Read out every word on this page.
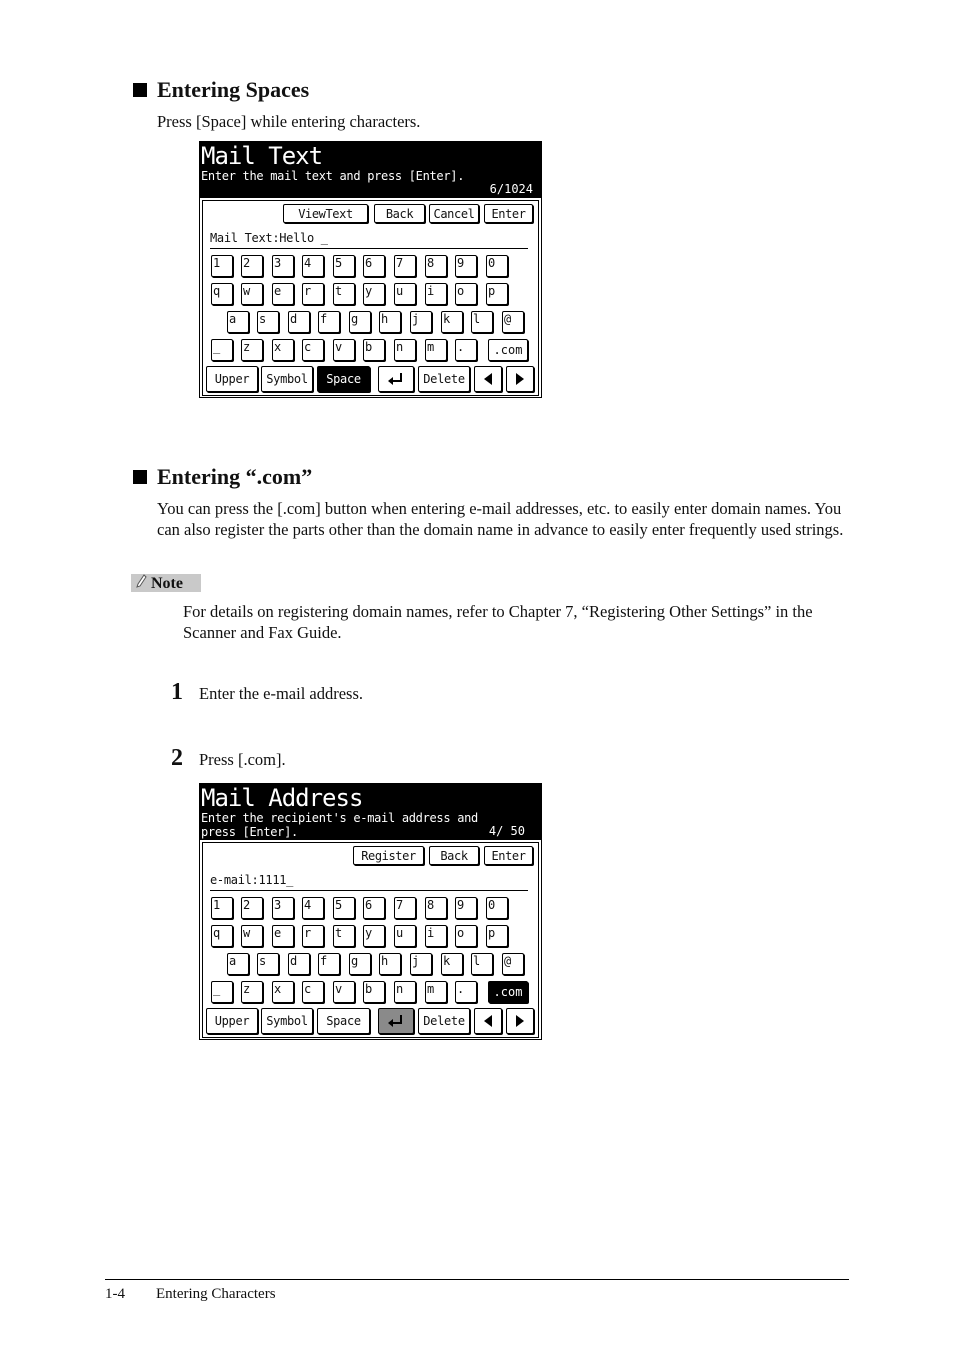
Entering Spaces
Press [Space] while entering characters.
Mail Text
Enter the mail text and press [Enter].
6/1024
ViewText	Back	Cancel	Enter
Mail Text:Hello _
1	2	3	4	5	6	7	8	9	0
q	w	e	r	t	y	u	i	o	p
a	s	d	f	g	h	j	k	l	@
_	z	x	c	v	b	n	m	.	.com
Upper	Symbol	Space	Delete
Entering “.com”
You can press the [.com] button when entering e-mail addresses, etc. to easily enter domain names. You can also register the parts other than the domain name in advance to easily enter frequently used strings.
Note
For details on registering domain names, refer to Chapter 7, “Registering Other Settings” in the Scanner and Fax Guide.
1 Enter the e-mail address.
2 Press [.com].
Mail Address
Enter the recipient's e-mail address and
press [Enter].	4/ 50
Register	Back	Enter
e-mail:1111_
1	2	3	4	5	6	7	8	9	0
q	w	e	r	t	y	u	i	o	p
a	s	d	f	g	h	j	k	l	@
_	z	x	c	v	b	n	m	.	.com
Upper	Symbol	Space	Delete
1-4 Entering Characters
